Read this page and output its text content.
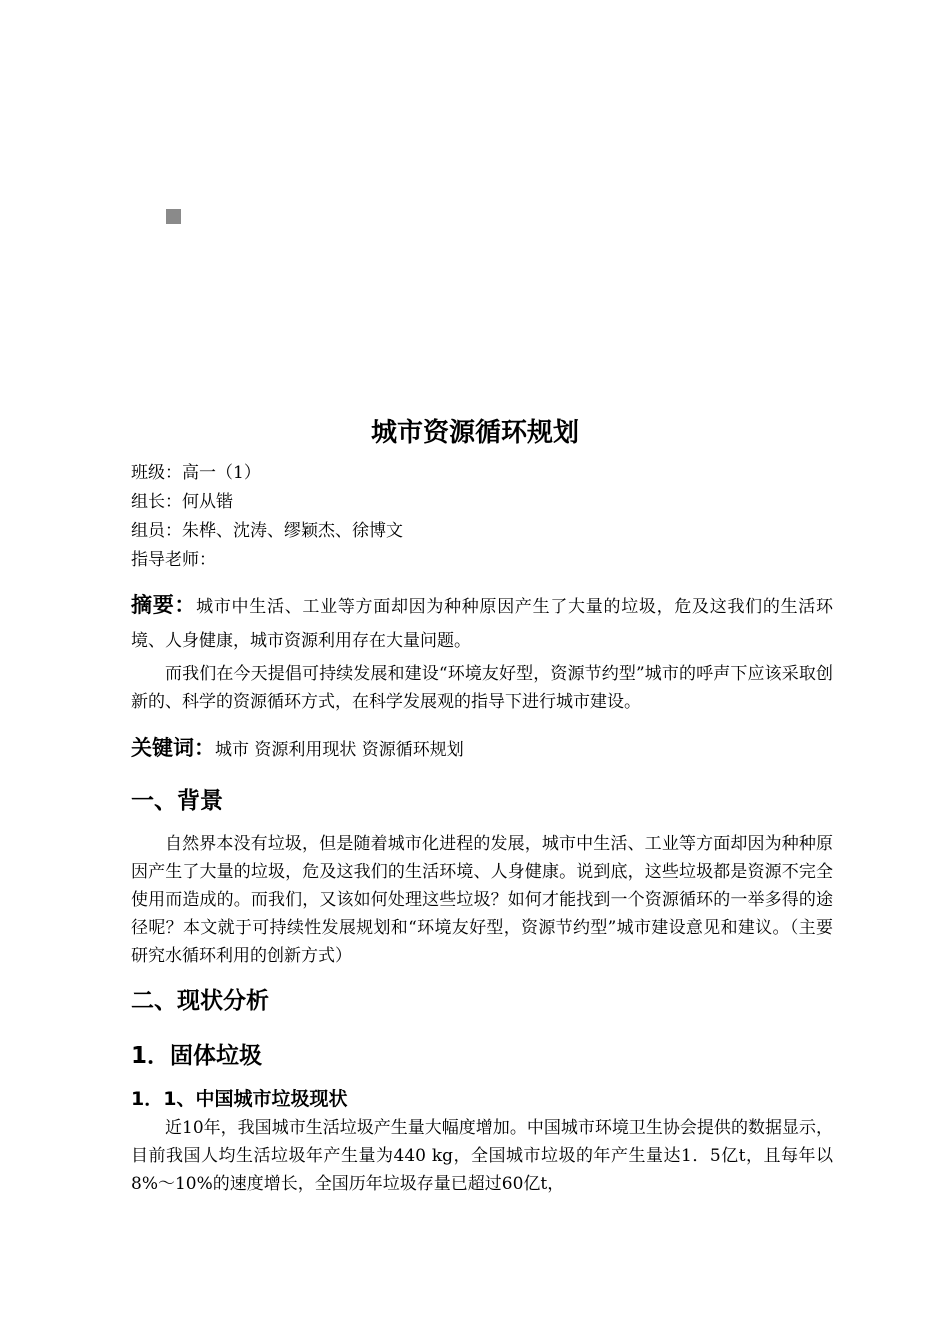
城市资源循环规划
班级：高一（1）
组长：何从锴
组员：朱桦、沈涛、缪颖杰、徐博文
指导老师：

摘要：城市中生活、工业等方面却因为种种原因产生了大量的垃圾，危及这我们的生活环境、人身健康，城市资源利用存在大量问题。

而我们在今天提倡可持续发展和建设“环境友好型，资源节约型”城市的呼声下应该采取创新的、科学的资源循环方式，在科学发展观的指导下进行城市建设。

关键词：城市 资源利用现状 资源循环规划

一、背景

自然界本没有垃圾，但是随着城市化进程的发展，城市中生活、工业等方面却因为种种原因产生了大量的垃圾，危及这我们的生活环境、人身健康。说到底，这些垃圾都是资源不完全使用而造成的。而我们，又该如何处理这些垃圾？如何才能找到一个资源循环的一举多得的途径呢？本文就于可持续性发展规划和“环境友好型，资源节约型”城市建设意见和建议。（主要研究水循环利用的创新方式）

二、现状分析
1．固体垃圾
1．1、中国城市垃圾现状

近10年，我国城市生活垃圾产生量大幅度增加。中国城市环境卫生协会提供的数据显示，目前我国人均生活垃圾年产生量为440 kg，全国城市垃圾的年产生量达1．5亿t，且每年以8%～10%的速度增长，全国历年垃圾存量已超过60亿t，
